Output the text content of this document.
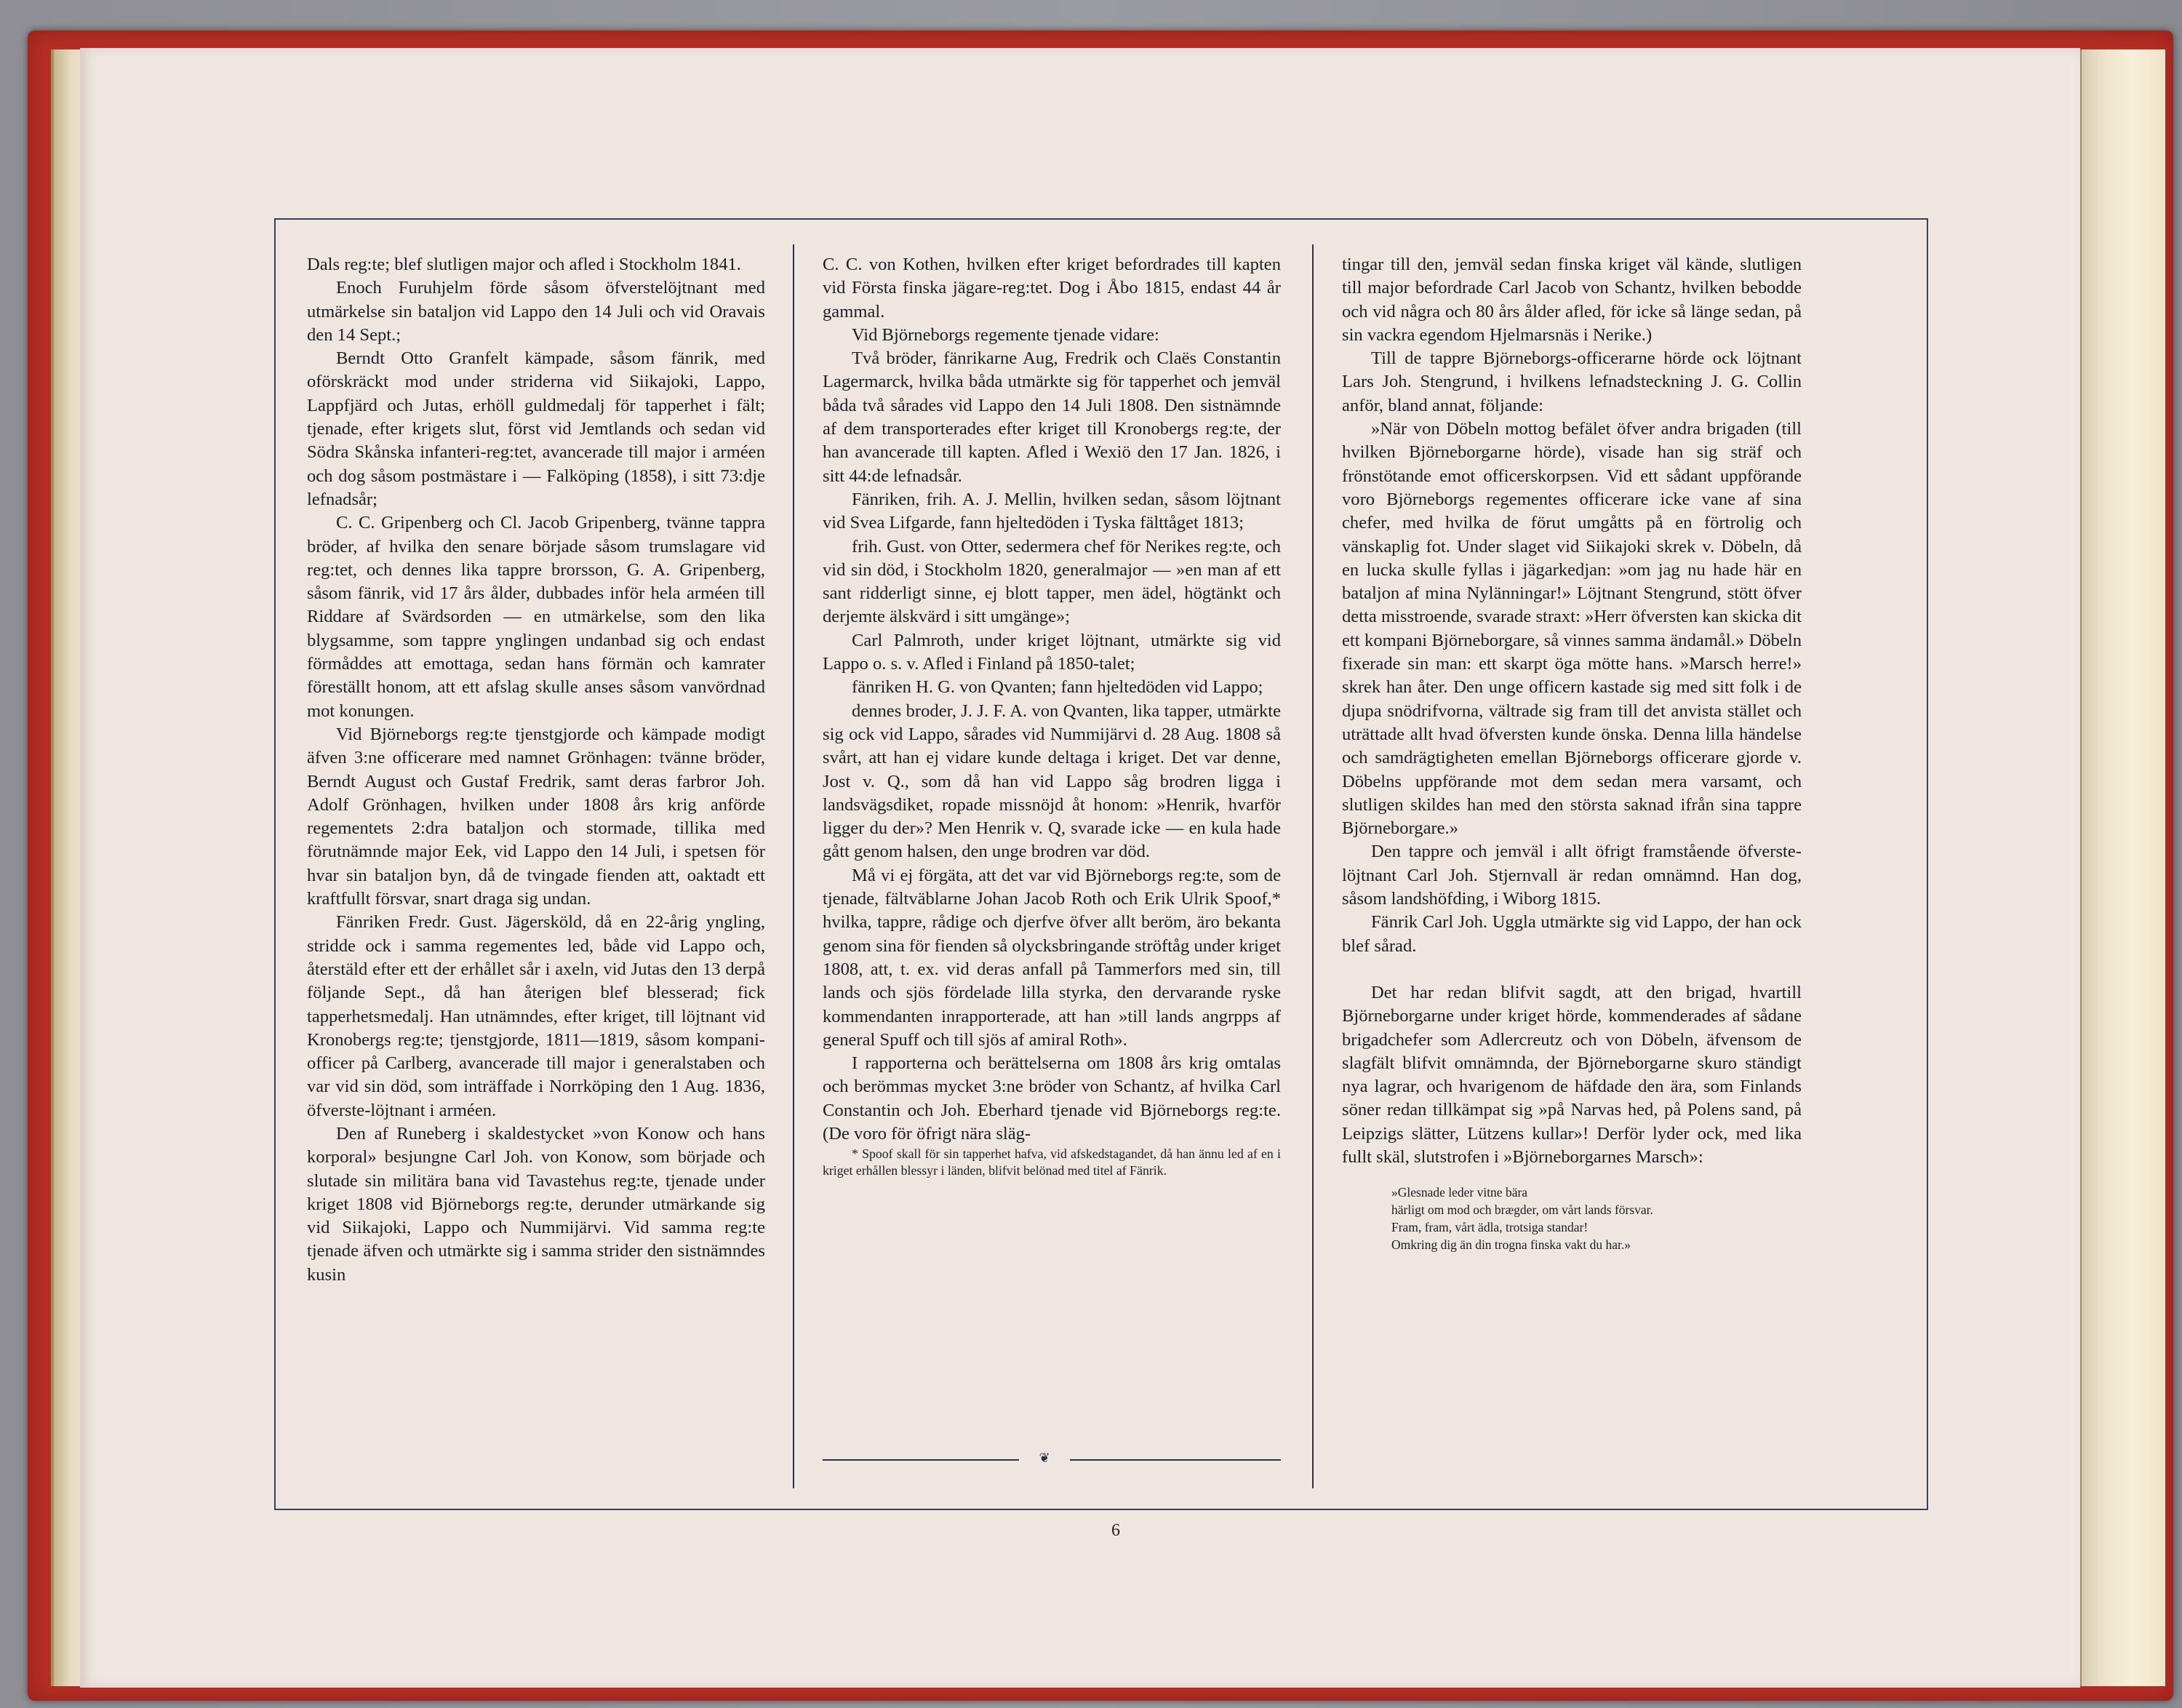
Dals reg:te; blef slutligen major och afled i Stockholm 1841.

Enoch Furuhjelm förde såsom öfverstelöjtnant med utmärkelse sin bataljon vid Lappo den 14 Juli och vid Oravais den 14 Sept.;

Berndt Otto Granfelt kämpade, såsom fänrik, med oförskräckt mod under striderna vid Siikajoki, Lappo, Lappfjärd och Jutas, erhöll guldmedalj för tapperhet i fält; tjenade, efter krigets slut, först vid Jemtlands och sedan vid Södra Skånska infanteri-reg:tet, avancerade till major i arméen och dog såsom postmästare i — Falköping (1858), i sitt 73:dje lefnadsår;

C. C. Gripenberg och Cl. Jacob Gripenberg, tvänne tappra bröder, af hvilka den senare började såsom trumslagare vid reg:tet, och dennes lika tappre brorsson, G. A. Gripenberg, såsom fänrik, vid 17 års ålder, dubbades inför hela arméen till Riddare af Svärdsorden — en utmärkelse, som den lika blygsamme, som tappre ynglingen undanbad sig och endast förmåddes att emottaga, sedan hans förmän och kamrater föreställt honom, att ett afslag skulle anses såsom vanvördnad mot konungen.

Vid Björneborgs reg:te tjenstgjorde och kämpade modigt äfven 3:ne officerare med namnet Grönhagen: tvänne bröder, Berndt August och Gustaf Fredrik, samt deras farbror Joh. Adolf Grönhagen, hvilken under 1808 års krig anförde regementets 2:dra bataljon och stormade, tillika med förutnämnde major Eek, vid Lappo den 14 Juli, i spetsen för hvar sin bataljon byn, då de tvingade fienden att, oaktadt ett kraftfullt försvar, snart draga sig undan.

Fänriken Fredr. Gust. Jägersköld, då en 22-årig yngling, stridde ock i samma regementes led, både vid Lappo och, återstäld efter ett der erhållet sår i axeln, vid Jutas den 13 derpå följande Sept., då han återigen blef blesserad; fick tapperhetsmedalj. Han utnämndes, efter kriget, till löjtnant vid Kronobergs reg:te; tjenstgjorde, 1811—1819, såsom kompani-officer på Carlberg, avancerade till major i generalstaben och var vid sin död, som inträffade i Norrköping den 1 Aug. 1836, öfverste-löjtnant i arméen.

Den af Runeberg i skaldestycket »von Konow och hans korporal» besjungne Carl Joh. von Konow, som började och slutade sin militära bana vid Tavastehus reg:te, tjenade under kriget 1808 vid Björneborgs reg:te, derunder utmärkande sig vid Siikajoki, Lappo och Nummijärvi. Vid samma reg:te tjenade äfven och utmärkte sig i samma strider den sistnämndes kusin

C. C. von Kothen, hvilken efter kriget befordrades till kapten vid Första finska jägare-reg:tet. Dog i Åbo 1815, endast 44 år gammal.

Vid Björneborgs regemente tjenade vidare:

Två bröder, fänrikarne Aug, Fredrik och Claës Constantin Lagermarck, hvilka båda utmärkte sig för tapperhet och jemväl båda två sårades vid Lappo den 14 Juli 1808. Den sistnämnde af dem transporterades efter kriget till Kronobergs reg:te, der han avancerade till kapten. Afled i Wexiö den 17 Jan. 1826, i sitt 44:de lefnadsår.

Fänriken, frih. A. J. Mellin, hvilken sedan, såsom löjtnant vid Svea Lifgarde, fann hjeltedöden i Tyska fälttåget 1813;

frih. Gust. von Otter, sedermera chef för Nerikes reg:te, och vid sin död, i Stockholm 1820, generalmajor — »en man af ett sant ridderligt sinne, ej blott tapper, men ädel, högtänkt och derjemte älskvärd i sitt umgänge»;

Carl Palmroth, under kriget löjtnant, utmärkte sig vid Lappo o. s. v. Afled i Finland på 1850-talet;

fänriken H. G. von Qvanten; fann hjeltedöden vid Lappo;

dennes broder, J. J. F. A. von Qvanten, lika tapper, utmärkte sig ock vid Lappo, sårades vid Nummijärvi d. 28 Aug. 1808 så svårt, att han ej vidare kunde deltaga i kriget. Det var denne, Jost v. Q., som då han vid Lappo såg brodren ligga i landsvägsdiket, ropade missnöjd åt honom: »Henrik, hvarför ligger du der»? Men Henrik v. Q, svarade icke — en kula hade gått genom halsen, den unge brodren var död.

Må vi ej förgäta, att det var vid Björneborgs reg:te, som de tjenade, fältväblarne Johan Jacob Roth och Erik Ulrik Spoof,* hvilka, tappre, rådige och djerfve öfver allt beröm, äro bekanta genom sina för fienden så olycksbringande ströftåg under kriget 1808, att, t. ex. vid deras anfall på Tammerfors med sin, till lands och sjös fördelade lilla styrka, den dervarande ryske kommendanten inrapporterade, att han »till lands angrpps af general Spuff och till sjös af amiral Roth».

I rapporterna och berättelserna om 1808 års krig omtalas och berömmas mycket 3:ne bröder von Schantz, af hvilka Carl Constantin och Joh. Eberhard tjenade vid Björneborgs reg:te. (De voro för öfrigt nära släg-

* Spoof skall för sin tapperhet hafva, vid afskedstagandet, då han ännu led af en i kriget erhållen blessyr i länden, blifvit belönad med titel af Fänrik.

❦

tingar till den, jemväl sedan finska kriget väl kände, slutligen till major befordrade Carl Jacob von Schantz, hvilken bebodde och vid några och 80 års ålder afled, för icke så länge sedan, på sin vackra egendom Hjelmarsnäs i Nerike.)

Till de tappre Björneborgs-officerarne hörde ock löjtnant Lars Joh. Stengrund, i hvilkens lefnadsteckning J. G. Collin anför, bland annat, följande:

»När von Döbeln mottog befälet öfver andra brigaden (till hvilken Björneborgarne hörde), visade han sig sträf och frönstötande emot officerskorpsen. Vid ett sådant uppförande voro Björneborgs regementes officerare icke vane af sina chefer, med hvilka de förut umgåtts på en förtrolig och vänskaplig fot. Under slaget vid Siikajoki skrek v. Döbeln, då en lucka skulle fyllas i jägarkedjan: »om jag nu hade här en bataljon af mina Nylänningar!» Löjtnant Stengrund, stött öfver detta misstroende, svarade straxt: »Herr öfversten kan skicka dit ett kompani Björneborgare, så vinnes samma ändamål.» Döbeln fixerade sin man: ett skarpt öga mötte hans. »Marsch herre!» skrek han åter. Den unge officern kastade sig med sitt folk i de djupa snödrifvorna, vältrade sig fram till det anvista stället och uträttade allt hvad öfversten kunde önska. Denna lilla händelse och samdrägtigheten emellan Björneborgs officerare gjorde v. Döbelns uppförande mot dem sedan mera varsamt, och slutligen skildes han med den största saknad ifrån sina tappre Björneborgare.»

Den tappre och jemväl i allt öfrigt framstående öfverste-löjtnant Carl Joh. Stjernvall är redan omnämnd. Han dog, såsom landshöfding, i Wiborg 1815.

Fänrik Carl Joh. Uggla utmärkte sig vid Lappo, der han ock blef sårad.

Det har redan blifvit sagdt, att den brigad, hvartill Björneborgarne under kriget hörde, kommenderades af sådane brigadchefer som Adlercreutz och von Döbeln, äfvensom de slagfält blifvit omnämnda, der Björneborgarne skuro ständigt nya lagrar, och hvarigenom de häfdade den ära, som Finlands söner redan tillkämpat sig »på Narvas hed, på Polens sand, på Leipzigs slätter, Lützens kullar»! Derför lyder ock, med lika fullt skäl, slutstrofen i »Björneborgarnes Marsch»:

»Glesnade leder vitne bära
härligt om mod och brægder, om vårt lands försvar.
Fram, fram, vårt ädla, trotsiga standar!
Omkring dig än din trogna finska vakt du har.»
6
